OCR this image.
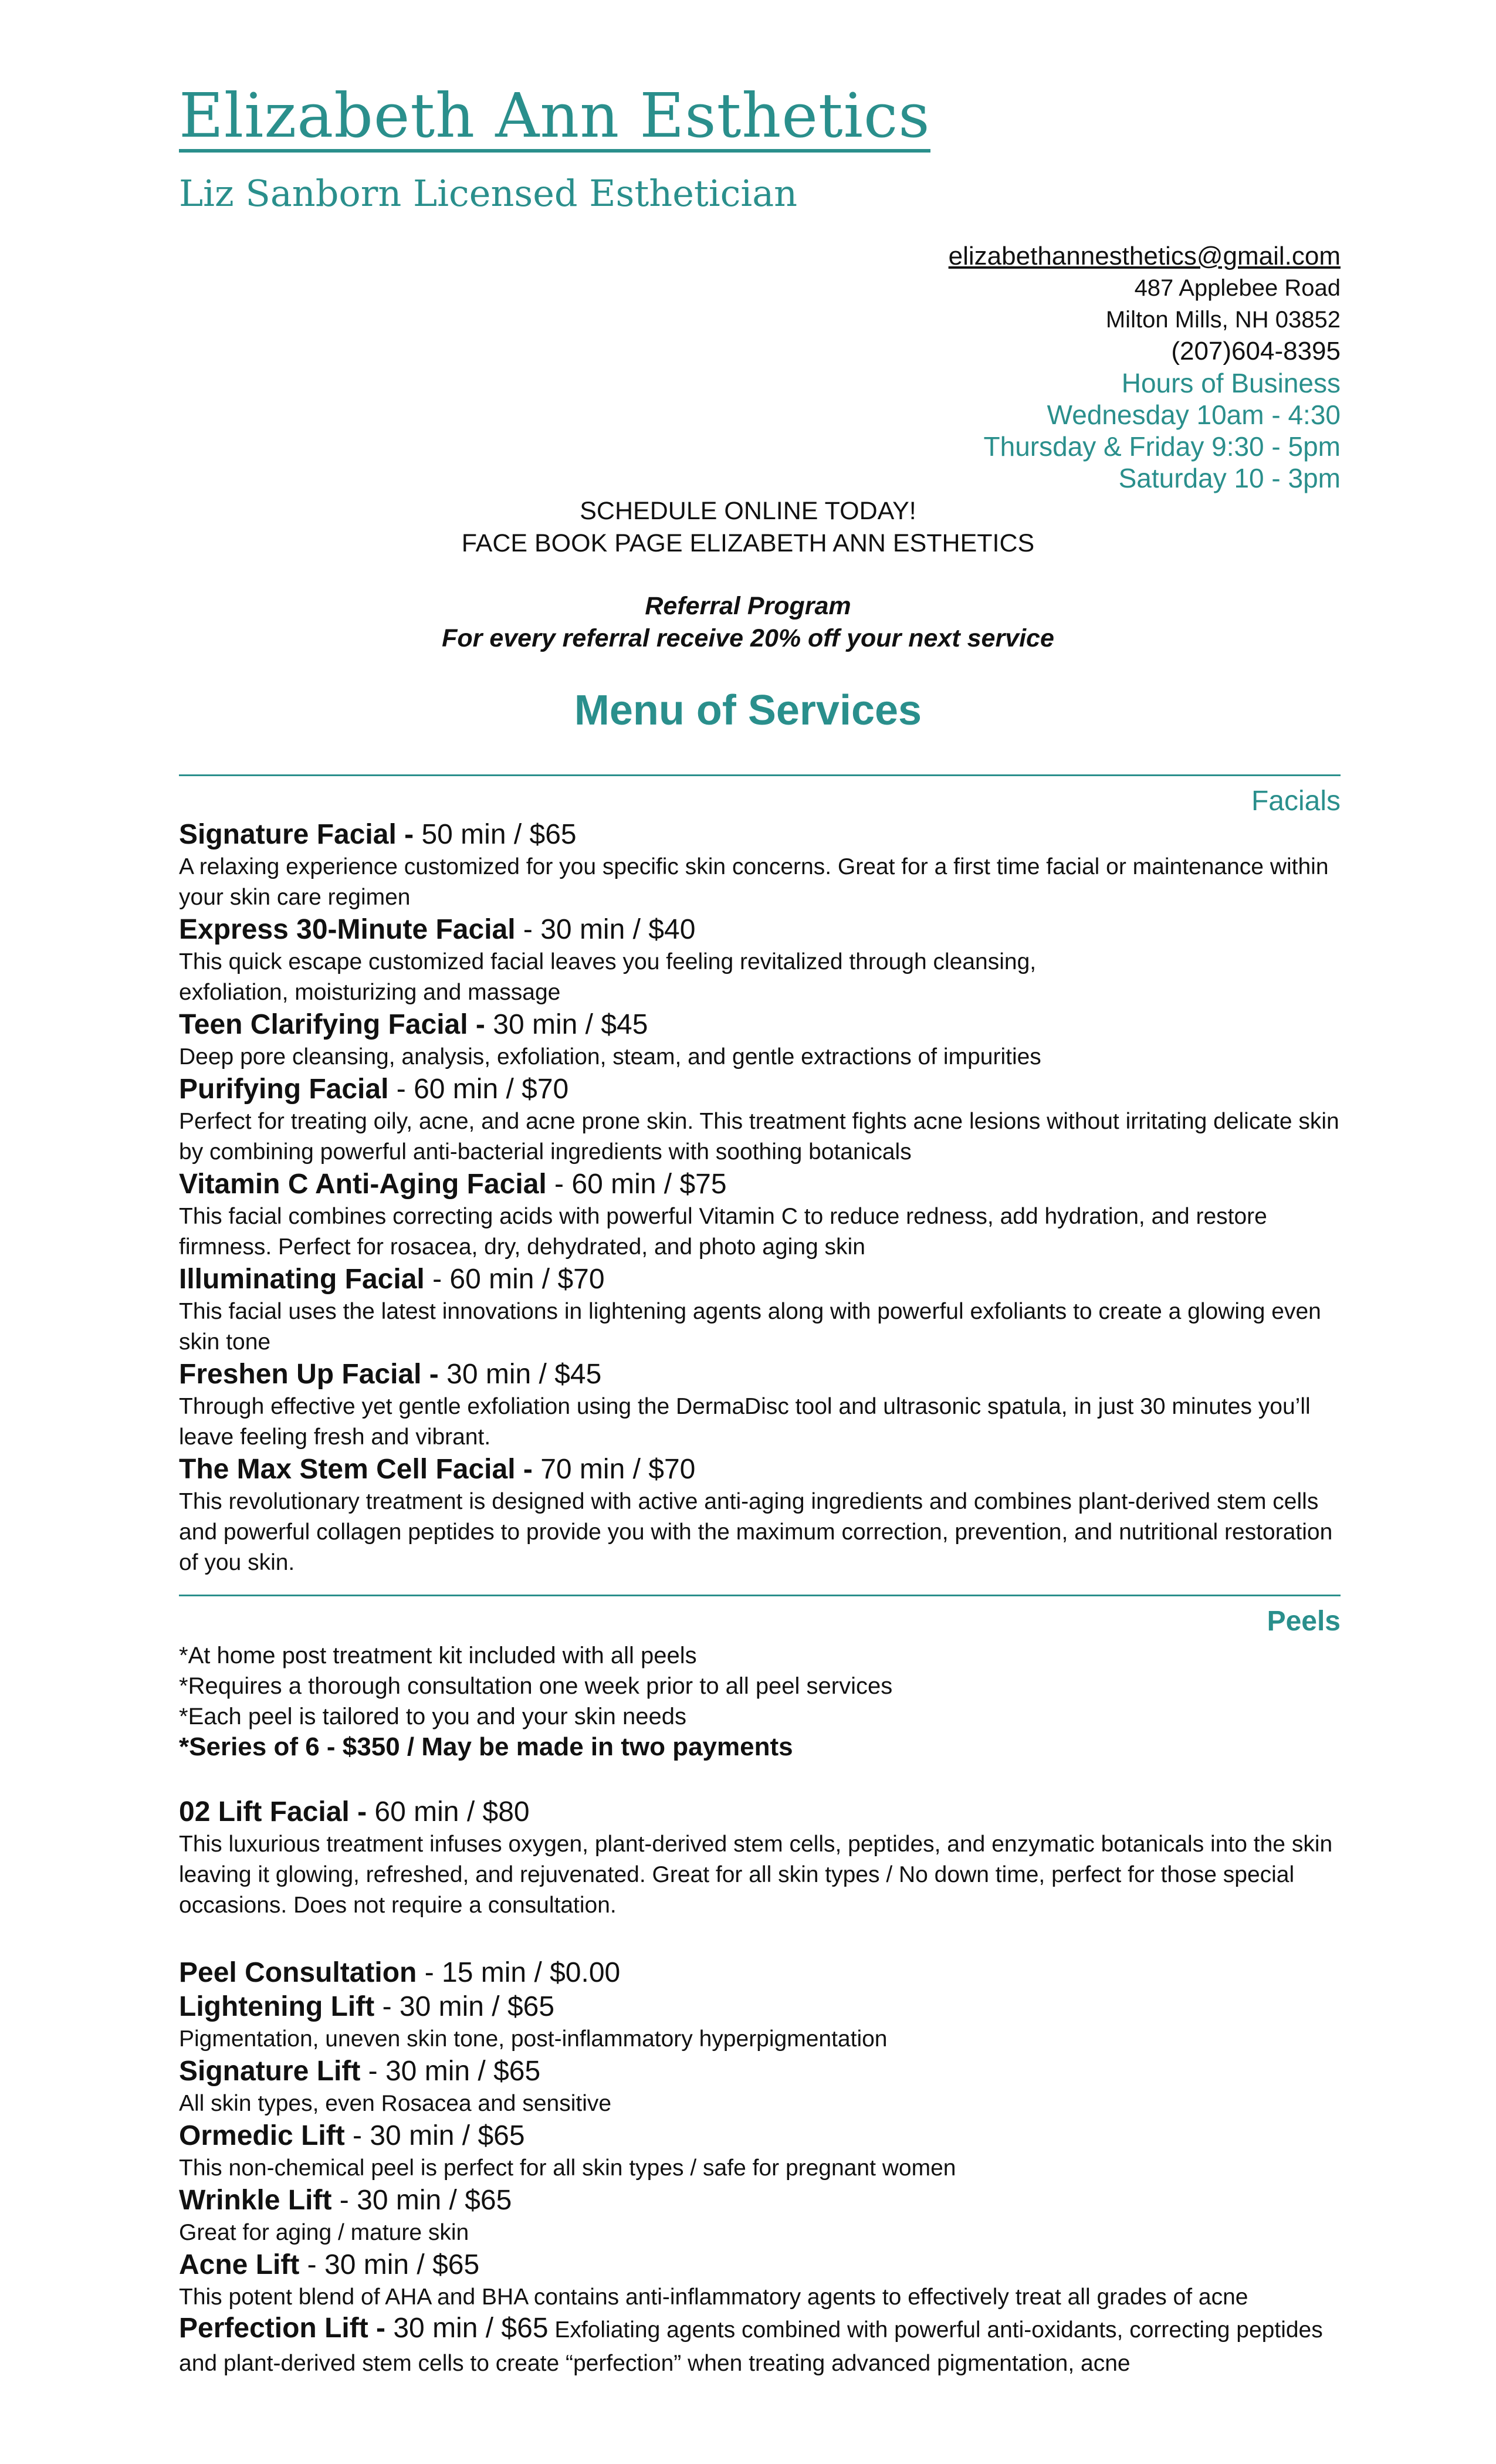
Elizabeth Ann Esthetics
Liz Sanborn Licensed Esthetician
elizabethannesthetics@gmail.com
487 Applebee Road
Milton Mills, NH 03852
(207)604-8395
Hours of Business
Wednesday 10am - 4:30
Thursday & Friday 9:30 - 5pm
Saturday 10 - 3pm
SCHEDULE ONLINE TODAY!
FACE BOOK PAGE ELIZABETH ANN ESTHETICS
Referral Program
For every referral receive 20% off your next service
Menu of Services
Facials
Signature Facial - 50 min / $65
A relaxing experience customized for you specific skin concerns. Great for a first time facial or maintenance within your skin care regimen
Express 30-Minute Facial - 30 min / $40
This quick escape customized facial leaves you feeling revitalized through cleansing, exfoliation, moisturizing and massage
Teen Clarifying Facial - 30 min / $45
Deep pore cleansing, analysis, exfoliation, steam, and gentle extractions of impurities
Purifying Facial - 60 min / $70
Perfect for treating oily, acne, and acne prone skin. This treatment fights acne lesions without irritating delicate skin by combining powerful anti-bacterial ingredients with soothing botanicals
Vitamin C Anti-Aging Facial - 60 min / $75
This facial combines correcting acids with powerful Vitamin C to reduce redness, add hydration, and restore firmness. Perfect for rosacea, dry, dehydrated, and photo aging skin
Illuminating Facial - 60 min / $70
This facial uses the latest innovations in lightening agents along with powerful exfoliants to create a glowing even skin tone
Freshen Up Facial - 30 min / $45
Through effective yet gentle exfoliation using the DermaDisc tool and ultrasonic spatula, in just 30 minutes you’ll leave feeling fresh and vibrant.
The Max Stem Cell Facial - 70 min / $70
This revolutionary treatment is designed with active anti-aging ingredients and combines plant-derived stem cells and powerful collagen peptides to provide you with the maximum correction, prevention, and nutritional restoration of you skin.
Peels
*At home post treatment kit included with all peels
*Requires a thorough consultation one week prior to all peel services
*Each peel is tailored to you and your skin needs
*Series of 6 - $350 / May be made in two payments
02 Lift Facial - 60 min / $80
This luxurious treatment infuses oxygen, plant-derived stem cells, peptides, and enzymatic botanicals into the skin leaving it glowing, refreshed, and rejuvenated. Great for all skin types / No down time, perfect for those special occasions. Does not require a consultation.
Peel Consultation - 15 min / $0.00
Lightening Lift - 30 min / $65
Pigmentation, uneven skin tone, post-inflammatory hyperpigmentation
Signature Lift - 30 min / $65
All skin types, even Rosacea and sensitive
Ormedic Lift - 30 min / $65
This non-chemical peel is perfect for all skin types / safe for pregnant women
Wrinkle Lift - 30 min / $65
Great for aging / mature skin
Acne Lift - 30 min / $65
This potent blend of AHA and BHA contains anti-inflammatory agents to effectively treat all grades of acne
Perfection Lift - 30 min / $65 Exfoliating agents combined with powerful anti-oxidants, correcting peptides and plant-derived stem cells to create “perfection” when treating advanced pigmentation, acne
